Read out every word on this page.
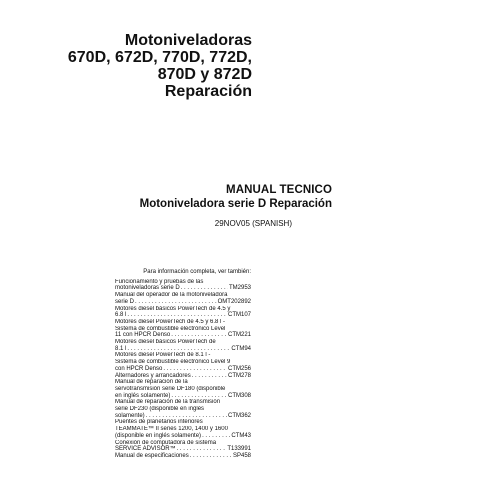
Motoniveladoras
670D, 672D, 770D, 772D,
870D y 872D
Reparación
MANUAL TECNICO
Motoniveladora serie D Reparación
29NOV05 (SPANISH)
Para información completa, ver también:
Funcionamiento y pruebas de las
motoniveladoras serie D . . .	TM2953
Manual del operador de la motoniveladora
serie D . . .	OMT202892
Motores diesel básicos PowerTech de 4.5 y
6.8 l . . .	CTM107
Motores diesel PowerTech de 4.5 y 6.8 l -
Sistema de combustible electrónico Level
11 con HPCR Denso . . .	CTM221
Motores diesel básicos PowerTech de
8.1 l . . .	CTM94
Motores diesel PowerTech de 8.1 l -
Sistema de combustible electrónico Level 9
con HPCR Denso . . .	CTM256
Alternadores y arrancadores . . .	CTM278
Manual de reparación de la
servotransmisión serie DF180 (disponible
en inglés solamente) . . .	CTM308
Manual de reparación de la transmisión
serie DF230 (disponible en inglés
solamente) . . .	CTM362
Puentes de planetarios interiores
TEAMMATE™ II series 1200, 1400 y 1600
(disponible en inglés solamente) . . .	CTM43
Conexión de computadora de sistema
SERVICE ADVISOR™ . . .	T133991
Manual de especificaciones . . .	SP458
